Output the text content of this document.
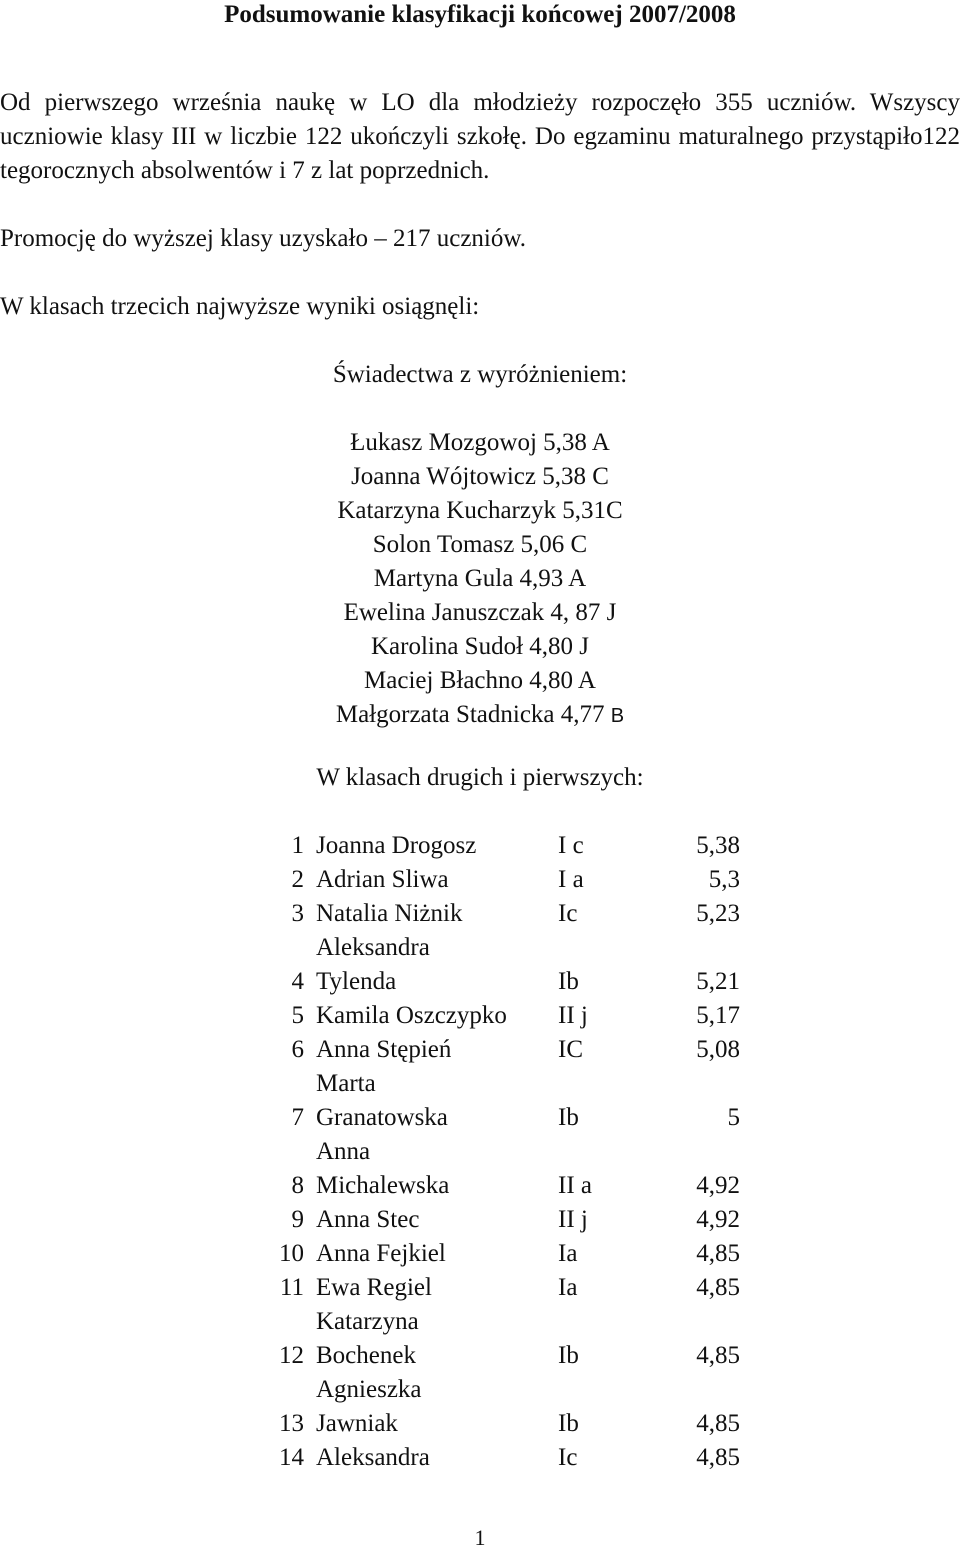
Podsumowanie klasyfikacji końcowej 2007/2008

Od pierwszego września naukę w LO dla młodzieży rozpoczęło 355 uczniów. Wszyscy uczniowie klasy III w liczbie 122 ukończyli szkołę. Do egzaminu maturalnego przystąpiło122 tegorocznych absolwentów i 7 z lat poprzednich.

Promocję do wyższej klasy uzyskało – 217 uczniów.

W klasach trzecich najwyższe wyniki osiągnęli:

Świadectwa z wyróżnieniem:
Łukasz Mozgowoj 5,38 A
Joanna Wójtowicz 5,38 C
Katarzyna Kucharzyk 5,31C
Solon Tomasz 5,06 C
Martyna Gula 4,93 A
Ewelina Januszczak 4, 87 J
Karolina Sudoł 4,80 J
Maciej Błachno 4,80 A
Małgorzata Stadnicka 4,77 B
W klasach drugich i pierwszych:
1	Joanna Drogosz	I c	5,38
2	Adrian Sliwa	I a	5,3
3	Natalia Niżnik	Ic	5,23
4	Aleksandra
Tylenda	Ib	5,21
5	Kamila Oszczypko	II j	5,17
6	Anna Stępień	IC	5,08
7	Marta
Granatowska	Ib	5
8	Anna
Michalewska	II a	4,92
9	Anna Stec	II j	4,92
10	Anna Fejkiel	Ia	4,85
11	Ewa Regiel	Ia	4,85
12	Katarzyna
Bochenek	Ib	4,85
13	Agnieszka
Jawniak	Ib	4,85
14	Aleksandra	Ic	4,85
1
